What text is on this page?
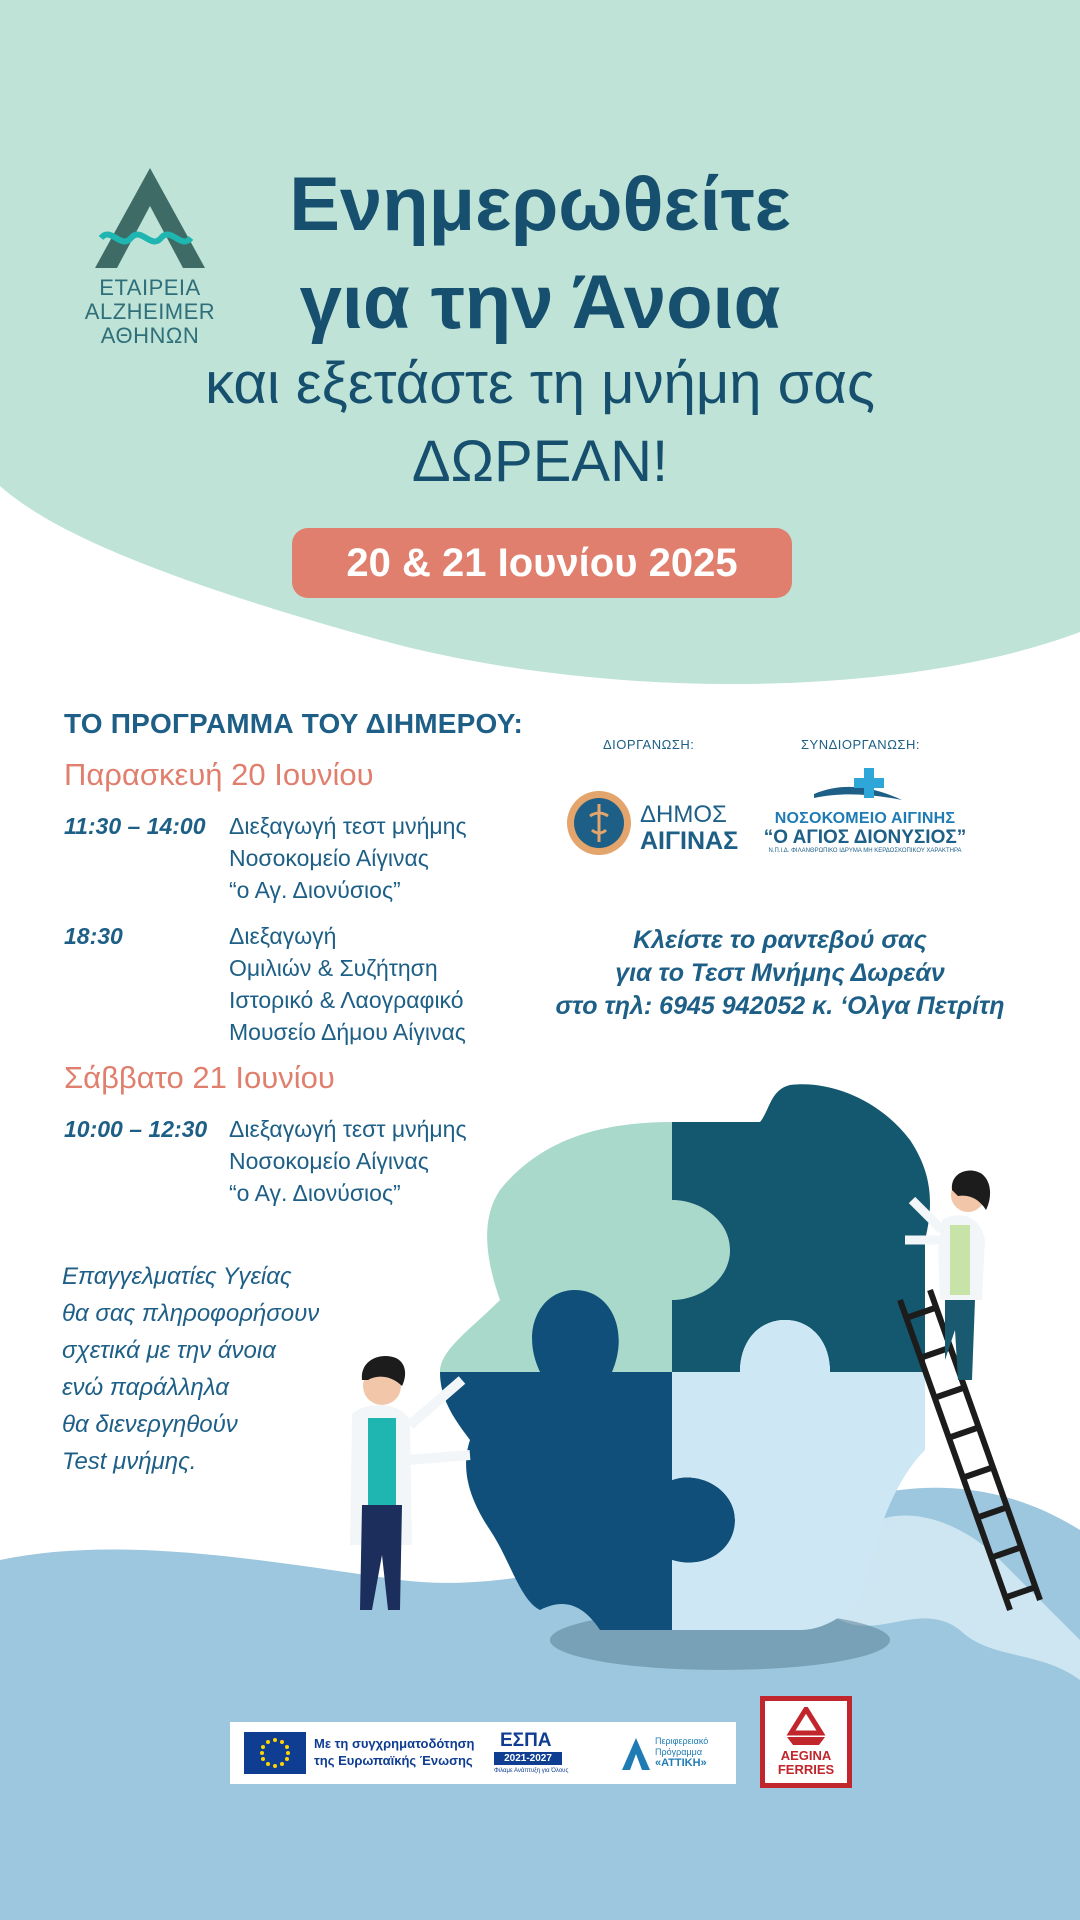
ΕΤΑΙΡΕΙΑ ALZHEIMER
ΑΘΗΝΩΝ
Ενημερωθείτε
για την Άνοια
και εξετάστε τη μνήμη σας
ΔΩΡΕΑΝ!
20 & 21 Ιουνίου 2025
ΤΟ ΠΡΟΓΡΑΜΜΑ ΤΟΥ ΔΙΗΜΕΡΟΥ:
Παρασκευή 20 Ιουνίου
11:30 – 14:00	Διεξαγωγή τεστ μνήμης
Νοσοκομείο Αίγινας
“ο Αγ. Διονύσιος”
18:30	Διεξαγωγή
Ομιλιών & Συζήτηση
Ιστορικό & Λαογραφικό
Μουσείο Δήμου Αίγινας
Σάββατο 21 Ιουνίου
10:00 – 12:30 Διεξαγωγή τεστ μνήμης
Νοσοκομείο Αίγινας
“ο Αγ. Διονύσιος”
Επαγγελματίες Υγείας
θα σας πληροφορήσουν
σχετικά με την άνοια
ενώ παράλληλα
θα διενεργηθούν
Test μνήμης.
ΔΙΟΡΓΑΝΩΣΗ:	ΣΥΝΔΙΟΡΓΑΝΩΣΗ:
ΔΗΜΟΣ
ΑΙΓΙΝΑΣ
ΝΟΣΟΚΟΜΕΙΟ ΑΙΓΙΝΗΣ
“Ο ΑΓΙΟΣ ΔΙΟΝΥΣΙΟΣ”
Ν.Π.Ι.Δ. ΦΙΛΑΝΘΡΩΠΙΚΟ ΙΔΡΥΜΑ ΜΗ ΚΕΡΔΟΣΚΟΠΙΚΟΥ ΧΑΡΑΚΤΗΡΑ
Κλείστε το ραντεβού σας
για το Τεστ Μνήμης Δωρεάν
στο τηλ: 6945 942052 κ. ‘Ολγα Πετρίτη
Με τη συγχρηματοδότηση
της Ευρωπαϊκής Ένωσης
ΕΣΠΑ
2021-2027
Φιλαμε Ανάπτυξη για Όλους
Περιφερειακό
Πρόγραμμα
«ΑΤΤΙΚΗ»	AEGINA
FERRIES
